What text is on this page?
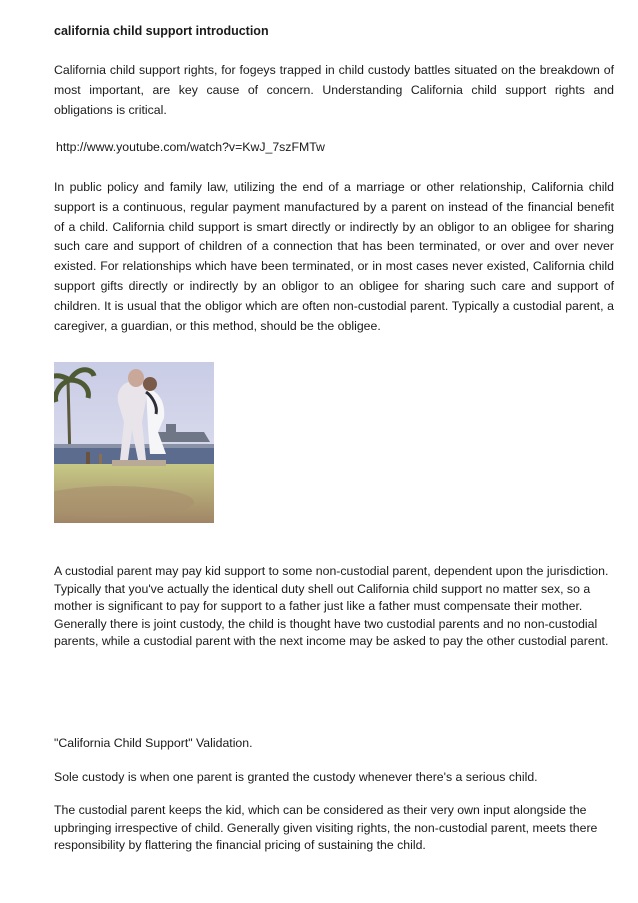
california child support introduction
California child support rights, for fogeys trapped in child custody battles situated on the breakdown of most important, are key cause of concern. Understanding California child support rights and obligations is critical.
http://www.youtube.com/watch?v=KwJ_7szFMTw
In public policy and family law, utilizing the end of a marriage or other relationship, California child support is a continuous, regular payment manufactured by a parent on instead of the financial benefit of a child. California child support is smart directly or indirectly by an obligor to an obligee for sharing such care and support of children of a connection that has been terminated, or over and over never existed. For relationships which have been terminated, or in most cases never existed, California child support gifts directly or indirectly by an obligor to an obligee for sharing such care and support of children. It is usual that the obligor which are often non-custodial parent. Typically a custodial parent, a caregiver, a guardian, or this method, should be the obligee.
A custodial parent may pay kid support to some non-custodial parent, dependent upon the jurisdiction. Typically that you've actually the identical duty shell out California child support no matter sex, so a mother is significant to pay for support to a father just like a father must compensate their mother. Generally there is joint custody, the child is thought have two custodial parents and no non-custodial parents, while a custodial parent with the next income may be asked to pay the other custodial parent.
"California Child Support" Validation.
Sole custody is when one parent is granted the custody whenever there's a serious child.
The custodial parent keeps the kid, which can be considered as their very own input alongside the upbringing irrespective of child. Generally given visiting rights, the non-custodial parent, meets there responsibility by flattering the financial pricing of sustaining the child.
